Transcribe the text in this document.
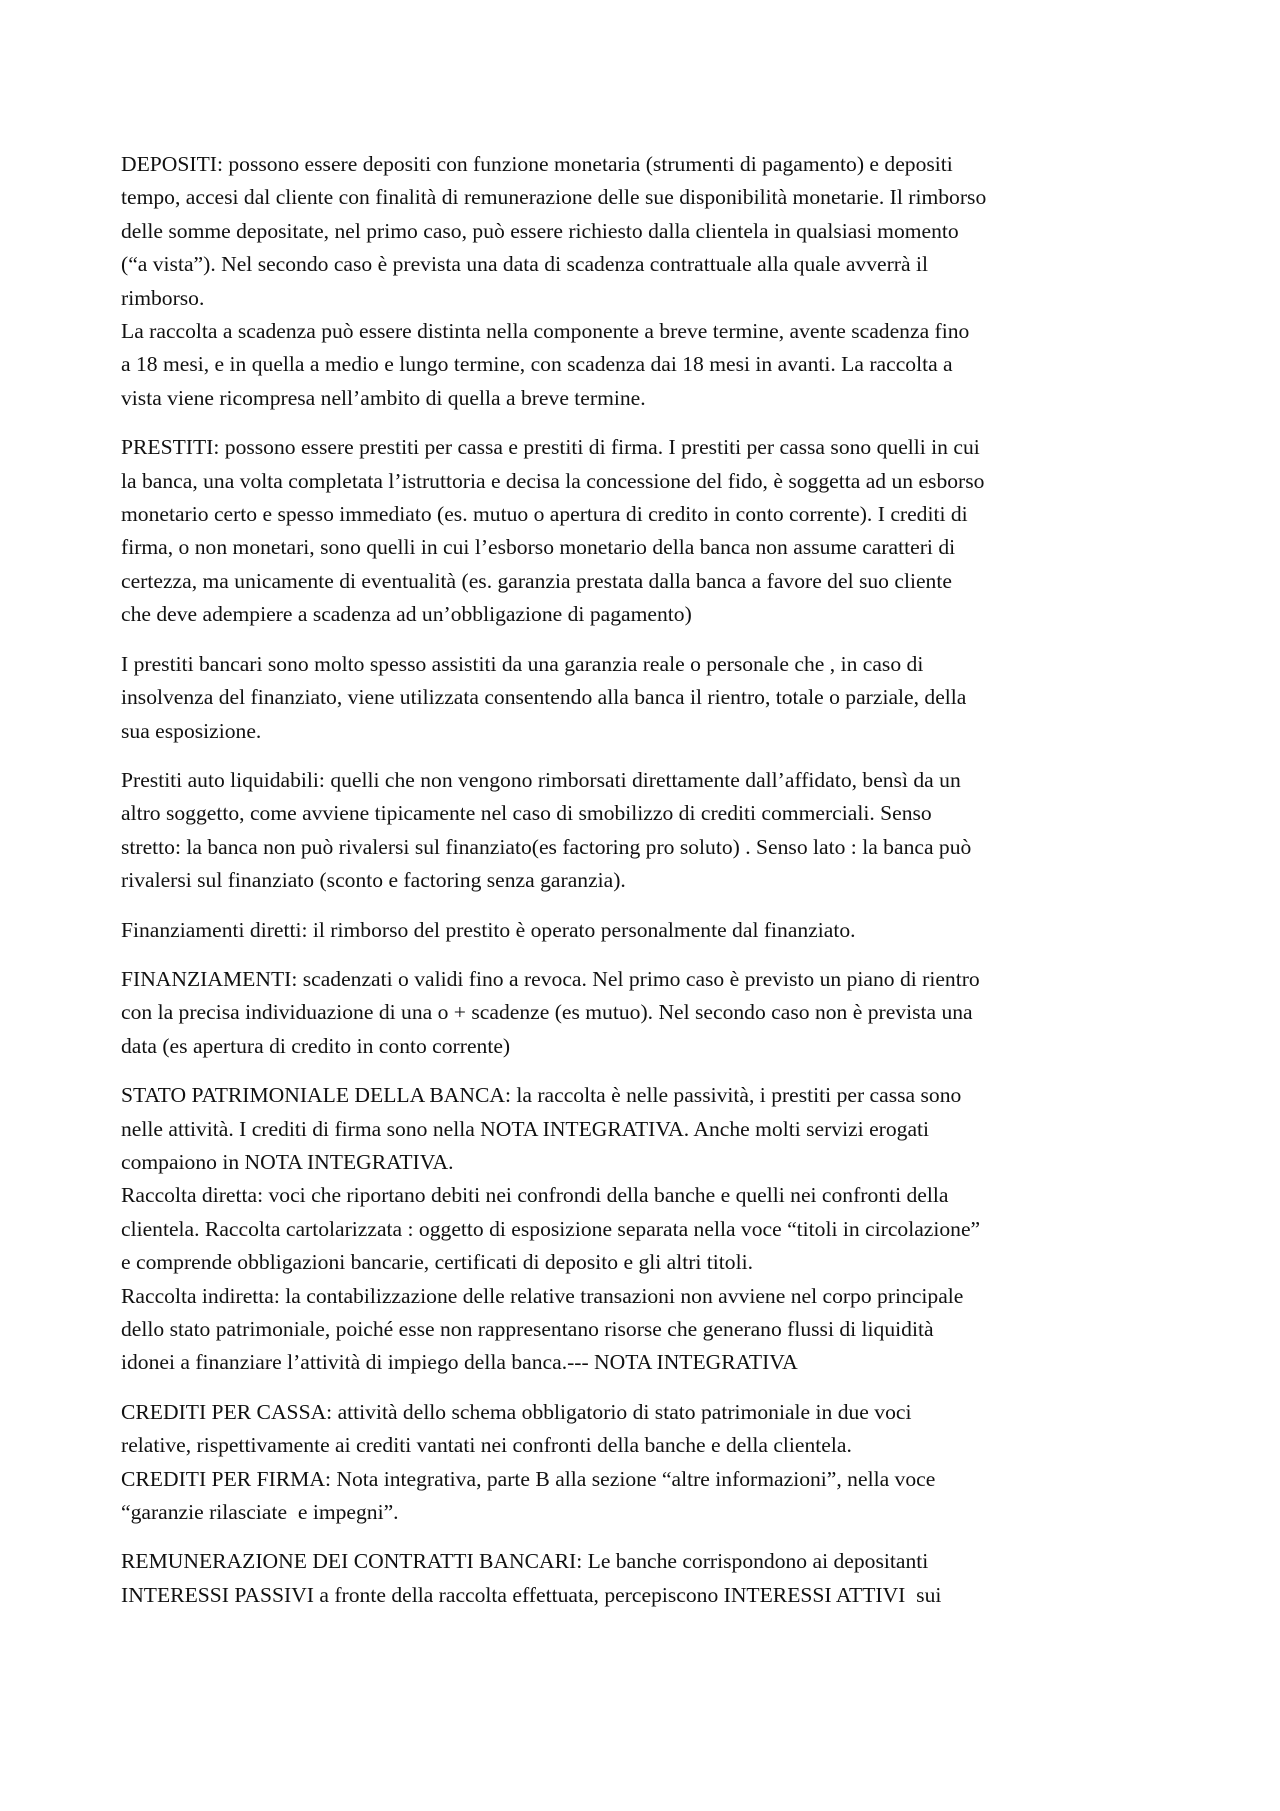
DEPOSITI: possono essere depositi con funzione monetaria (strumenti di pagamento) e depositi
tempo, accesi dal cliente con finalità di remunerazione delle sue disponibilità monetarie. Il rimborso
delle somme depositate, nel primo caso, può essere richiesto dalla clientela in qualsiasi momento
(“a vista”). Nel secondo caso è prevista una data di scadenza contrattuale alla quale avverrà il
rimborso.
La raccolta a scadenza può essere distinta nella componente a breve termine, avente scadenza fino
a 18 mesi, e in quella a medio e lungo termine, con scadenza dai 18 mesi in avanti. La raccolta a
vista viene ricompresa nell’ambito di quella a breve termine.
PRESTITI: possono essere prestiti per cassa e prestiti di firma. I prestiti per cassa sono quelli in cui
la banca, una volta completata l’istruttoria e decisa la concessione del fido, è soggetta ad un esborso
monetario certo e spesso immediato (es. mutuo o apertura di credito in conto corrente). I crediti di
firma, o non monetari, sono quelli in cui l’esborso monetario della banca non assume caratteri di
certezza, ma unicamente di eventualità (es. garanzia prestata dalla banca a favore del suo cliente
che deve adempiere a scadenza ad un’obbligazione di pagamento)
I prestiti bancari sono molto spesso assistiti da una garanzia reale o personale che , in caso di
insolvenza del finanziato, viene utilizzata consentendo alla banca il rientro, totale o parziale, della
sua esposizione.
Prestiti auto liquidabili: quelli che non vengono rimborsati direttamente dall’affidato, bensì da un
altro soggetto, come avviene tipicamente nel caso di smobilizzo di crediti commerciali. Senso
stretto: la banca non può rivalersi sul finanziato(es factoring pro soluto) . Senso lato : la banca può
rivalersi sul finanziato (sconto e factoring senza garanzia).
Finanziamenti diretti: il rimborso del prestito è operato personalmente dal finanziato.
FINANZIAMENTI: scadenzati o validi fino a revoca. Nel primo caso è previsto un piano di rientro
con la precisa individuazione di una o + scadenze (es mutuo). Nel secondo caso non è prevista una
data (es apertura di credito in conto corrente)
STATO PATRIMONIALE DELLA BANCA: la raccolta è nelle passività, i prestiti per cassa sono
nelle attività. I crediti di firma sono nella NOTA INTEGRATIVA. Anche molti servizi erogati
compaiono in NOTA INTEGRATIVA.
Raccolta diretta: voci che riportano debiti nei confrondi della banche e quelli nei confronti della
clientela. Raccolta cartolarizzata : oggetto di esposizione separata nella voce “titoli in circolazione”
e comprende obbligazioni bancarie, certificati di deposito e gli altri titoli.
Raccolta indiretta: la contabilizzazione delle relative transazioni non avviene nel corpo principale
dello stato patrimoniale, poiché esse non rappresentano risorse che generano flussi di liquidità
idonei a finanziare l’attività di impiego della banca.--- NOTA INTEGRATIVA
CREDITI PER CASSA: attività dello schema obbligatorio di stato patrimoniale in due voci
relative, rispettivamente ai crediti vantati nei confronti della banche e della clientela.
CREDITI PER FIRMA: Nota integrativa, parte B alla sezione “altre informazioni”, nella voce
“garanzie rilasciate  e impegni”.
REMUNERAZIONE DEI CONTRATTI BANCARI: Le banche corrispondono ai depositanti
INTERESSI PASSIVI a fronte della raccolta effettuata, percepiscono INTERESSI ATTIVI  sui
